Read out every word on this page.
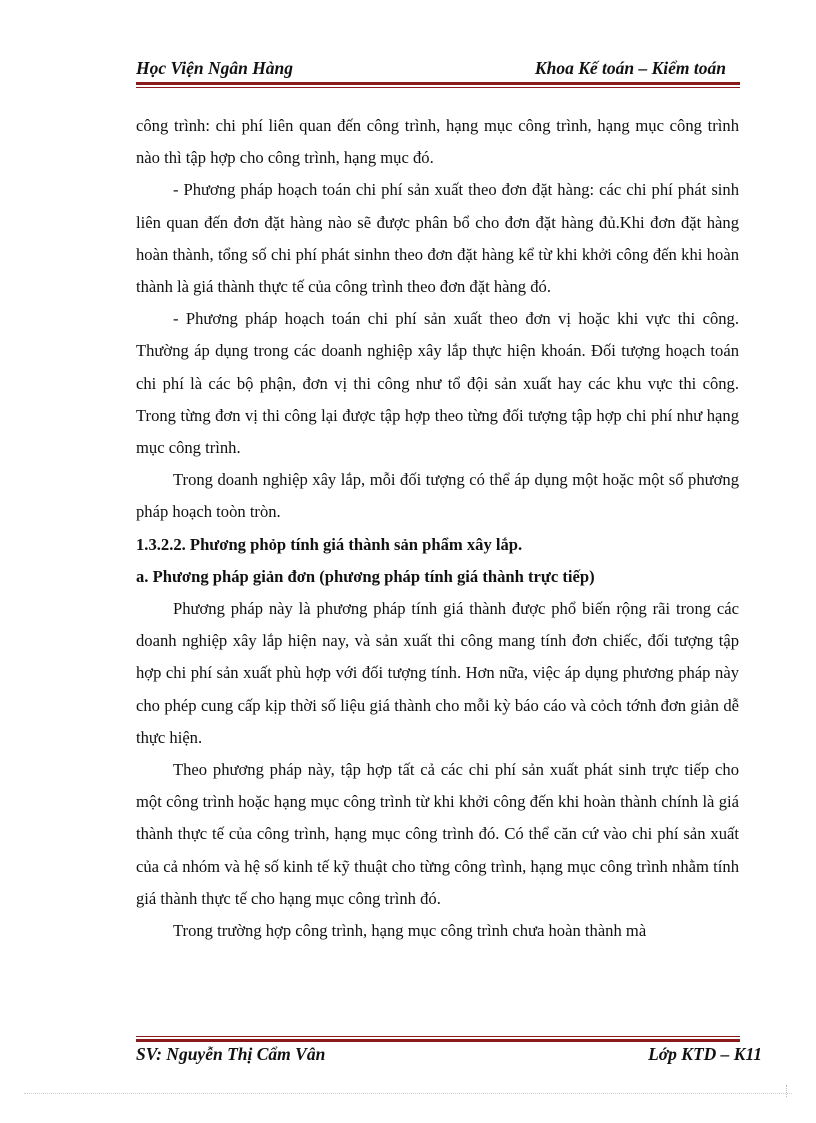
Học Viện Ngân Hàng	Khoa Kế toán – Kiểm toán

công trình: chi phí liên quan đến công trình, hạng mục công trình, hạng mục công trình nào thì tập hợp cho công trình, hạng mục đó.

- Phương pháp hoạch toán chi phí sản xuất theo đơn đặt hàng: các chi phí phát sinh liên quan đến đơn đặt hàng nào sẽ được phân bổ cho đơn đặt hàng đủ.Khi đơn đặt hàng hoàn thành, tổng số chi phí phát sinhn theo đơn đặt hàng kể từ khi khởi công đến khi hoàn thành là giá thành thực tế của công trình theo đơn đặt hàng đó.

- Phương pháp hoạch toán chi phí sản xuất theo đơn vị hoặc khi vực thi công. Thường áp dụng trong các doanh nghiệp xây lắp thực hiện khoán. Đối tượng hoạch toán chi phí là các bộ phận, đơn vị thi công như tổ đội sản xuất hay các khu vực thi công. Trong từng đơn vị thi công lại được tập hợp theo từng đối tượng tập hợp chi phí như hạng mục công trình.

Trong doanh nghiệp xây lắp, mỗi đối tượng có thể áp dụng một hoặc một số phương pháp hoạch toòn tròn.

1.3.2.2. Phương phỏp tính giá thành sản phẩm xây lắp.

a. Phương pháp giản đơn (phương pháp tính giá thành trực tiếp)

Phương pháp này là phương pháp tính giá thành được phổ biến rộng rãi trong các doanh nghiệp xây lắp hiện nay, và sản xuất thi công mang tính đơn chiếc, đối tượng tập hợp chi phí sản xuất phù hợp với đối tượng tính. Hơn nữa, việc áp dụng phương pháp này cho phép cung cấp kịp thời số liệu giá thành cho mỗi kỳ báo cáo và cỏch tớnh đơn giản dễ thực hiện.

Theo phương pháp này, tập hợp tất cả các chi phí sản xuất phát sinh trực tiếp cho một công trình hoặc hạng mục công trình từ khi khởi công đến khi hoàn thành chính là giá thành thực tế của công trình, hạng mục công trình đó. Có thể căn cứ vào chi phí sản xuất của cả nhóm và hệ số kinh tế kỹ thuật cho từng công trình, hạng mục công trình nhằm tính giá thành thực tế cho hạng mục công trình đó.

Trong trường hợp công trình, hạng mục công trình chưa hoàn thành mà

SV: Nguyễn Thị Cẩm Vân	Lớp KTD – K11
